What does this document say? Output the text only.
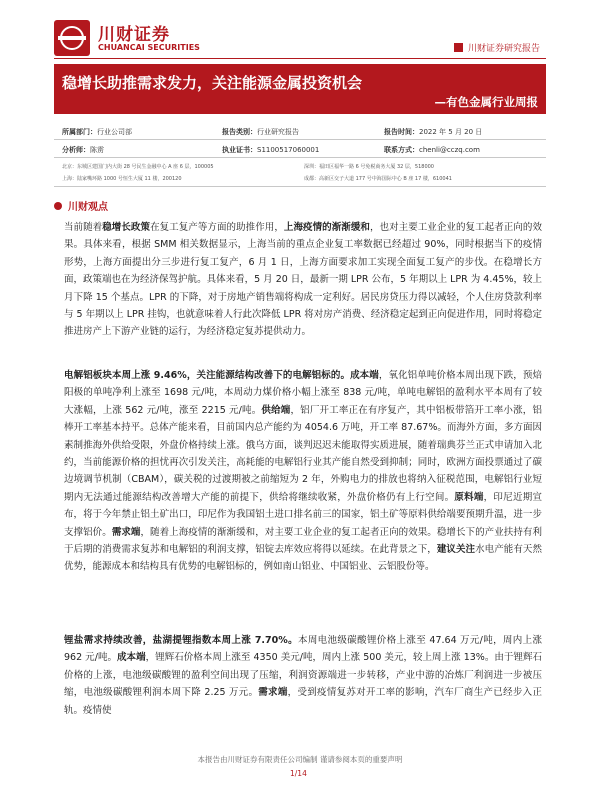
川财证券
CHUANCAI SECURITIES	川财证券研究报告
稳增长助推需求发力，关注能源金属投资机会
—有色金属行业周报
所属部门：行业公司部	报告类别：行业研究报告	报告时间：2022 年 5 月 20 日
分析师：陈雳	执业证书：S1100517060001	联系方式：chenli@cczq.com
北京：东城区建国门内大街 28 号民生金融中心 A 座 6 层，100005	深圳：福田区福华一路 6 号免税商务大厦 32 层，518000
上海：陆家嘴环路 1000 号恒生大厦 11 楼，200120	成都：高新区交子大道 177 号中海国际中心 B 座 17 楼，610041
川财观点
当前随着稳增长政策在复工复产等方面的助推作用，上海疫情的渐渐缓和，也对主要工业企业的复工起者正向的效果。具体来看，根据 SMM 相关数据显示，上海当前的重点企业复工率数据已经超过 90%，同时根据当下的疫情形势，上海方面提出分三步进行复工复产，6 月 1 日，上海方面要求加工实现全面复工复产的步伐。在稳增长方面，政策端也在为经济保驾护航。具体来看，5 月 20 日，最新一期 LPR 公布，5 年期以上 LPR 为 4.45%，较上月下降 15 个基点。LPR 的下降，对于房地产销售端将构成一定利好。居民房贷压力得以减轻，个人住房贷款利率与 5 年期以上 LPR 挂钩，也就意味着人行此次降低 LPR 将对房产消费、经济稳定起到正向促进作用，同时将稳定推进房产上下游产业链的运行，为经济稳定复苏提供动力。
电解铝板块本周上涨 9.46%，关注能源结构改善下的电解铝标的。成本端，氧化铝单吨价格本周出现下跌，预焙阳极的单吨净利上涨至 1698 元/吨，本周动力煤价格小幅上涨至 838 元/吨，单吨电解铝的盈利水平本周有了较大涨幅，上涨 562 元/吨，涨至 2215 元/吨。供给端，铝厂开工率正在有序复产，其中铝板带箔开工率小涨，铝棒开工率基本持平。总体产能来看，目前国内总产能约为 4054.6 万吨，开工率 87.67%。而海外方面，多方面因素制推海外供给受限，外盘价格持续上涨。俄乌方面，谈判迟迟未能取得实质进展，随着瑞典芬兰正式申请加入北约，当前能源价格的担忧再次引发关注，高耗能的电解铝行业其产能自然受到抑制；同时，欧洲方面投票通过了碳边境调节机制（CBAM），碳关税的过渡期被之前缩短为 2 年，外购电力的排放也将纳入征税范围，电解铝行业短期内无法通过能源结构改善增大产能的前提下，供给将继续收紧，外盘价格仍有上行空间。原料端，印尼近期宣布，将于今年禁止铝土矿出口，印尼作为我国铝土进口排名前三的国家，铝土矿等原料供给端要预期升温，进一步支撑铝价。需求端，随着上海疫情的渐渐缓和，对主要工业企业的复工起者正向的效果。稳增长下的产业扶持有利于后期的消费需求复苏和电解铝的利润支撑，铝锭去库效应将得以延续。在此背景之下，建议关注水电产能有天然优势，能源成本和结构具有优势的电解铝标的，例如南山铝业、中国铝业、云铝股份等。
锂盐需求持续改善，盐湖提锂指数本周上涨 7.70%。本周电池级碳酸锂价格上涨至 47.64 万元/吨，周内上涨 962 元/吨。成本端，锂辉石价格本周上涨至 4350 美元/吨，周内上涨 500 美元，较上周上涨 13%。由于锂辉石价格的上涨，电池级碳酸锂的盈利空间出现了压缩，利润资源端进一步转移，产业中游的冶炼厂利润进一步被压缩，电池级碳酸锂利润本周下降 2.25 万元。需求端，受到疫情复苏对开工率的影响，汽车厂商生产已经步入正轨。疫情使
本报告由川财证券有限责任公司编制 谨请参阅本页的重要声明
1/14
